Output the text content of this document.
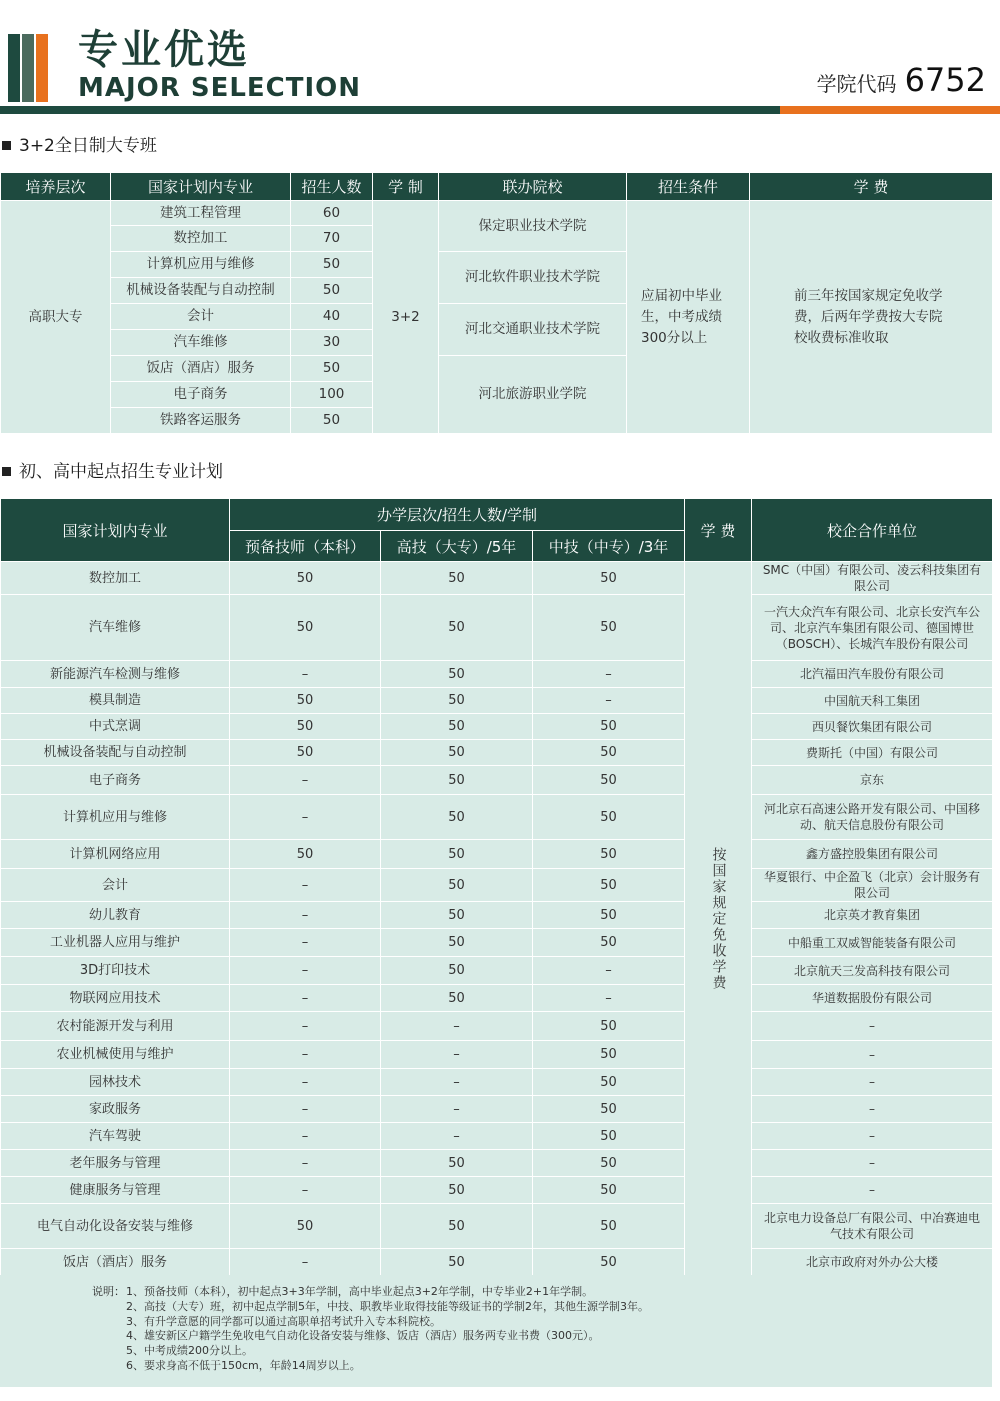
专业优选
MAJOR SELECTION	学院代码 6752
3+2全日制大专班
培养层次	国家计划内专业	招生人数	学 制	联办院校	招生条件	学 费
高职大专	建筑工程管理	60	3+2	保定职业技术学院	应届初中毕业生，中考成绩300分以上	前三年按国家规定免收学费，后两年学费按大专院校收费标准收取
	数控加工	70				
	计算机应用与维修	50		河北软件职业技术学院		
	机械设备装配与自动控制	50				
	会计	40		河北交通职业技术学院		
	汽车维修	30				
	饭店（酒店）服务	50		河北旅游职业学院		
	电子商务	100				
	铁路客运服务	50				
初、高中起点招生专业计划
国家计划内专业	办学层次/招生人数/学制			学 费	校企合作单位
	预备技师（本科）	高技（大专）/5年	中技（中专）/3年		
数控加工	50	50	50	按国家规定免收学费	SMC（中国）有限公司、凌云科技集团有限公司
汽车维修	50	50	50		一汽大众汽车有限公司、北京长安汽车公司、北京汽车集团有限公司、德国博世（BOSCH）、长城汽车股份有限公司
新能源汽车检测与维修	–	50	–		北汽福田汽车股份有限公司
模具制造	50	50	–		中国航天科工集团
中式烹调	50	50	50		西贝餐饮集团有限公司
机械设备装配与自动控制	50	50	50		费斯托（中国）有限公司
电子商务	–	50	50		京东
计算机应用与维修	–	50	50		河北京石高速公路开发有限公司、中国移动、航天信息股份有限公司
计算机网络应用	50	50	50		鑫方盛控股集团有限公司
会计	–	50	50		华夏银行、中企盈飞（北京）会计服务有限公司
幼儿教育	–	50	50		北京英才教育集团
工业机器人应用与维护	–	50	50		中船重工双威智能装备有限公司
3D打印技术	–	50	–		北京航天三发高科技有限公司
物联网应用技术	–	50	–		华道数据股份有限公司
农村能源开发与利用	–	–	50		–
农业机械使用与维护	–	–	50		–
园林技术	–	–	50		–
家政服务	–	–	50		–
汽车驾驶	–	–	50		–
老年服务与管理	–	50	50		–
健康服务与管理	–	50	50		–
电气自动化设备安装与维修	50	50	50		北京电力设备总厂有限公司、中冶赛迪电气技术有限公司
饭店（酒店）服务	–	50	50		北京市政府对外办公大楼
说明： 1、预备技师（本科），初中起点3+3年学制，高中毕业起点3+2年学制，中专毕业2+1年学制。
2、高技（大专）班，初中起点学制5年，中技、职教毕业取得技能等级证书的学制2年，其他生源学制3年。
3、有升学意愿的同学都可以通过高职单招考试升入专本科院校。
4、雄安新区户籍学生免收电气自动化设备安装与维修、饭店（酒店）服务两专业书费（300元）。
5、中考成绩200分以上。
6、要求身高不低于150cm，年龄14周岁以上。
